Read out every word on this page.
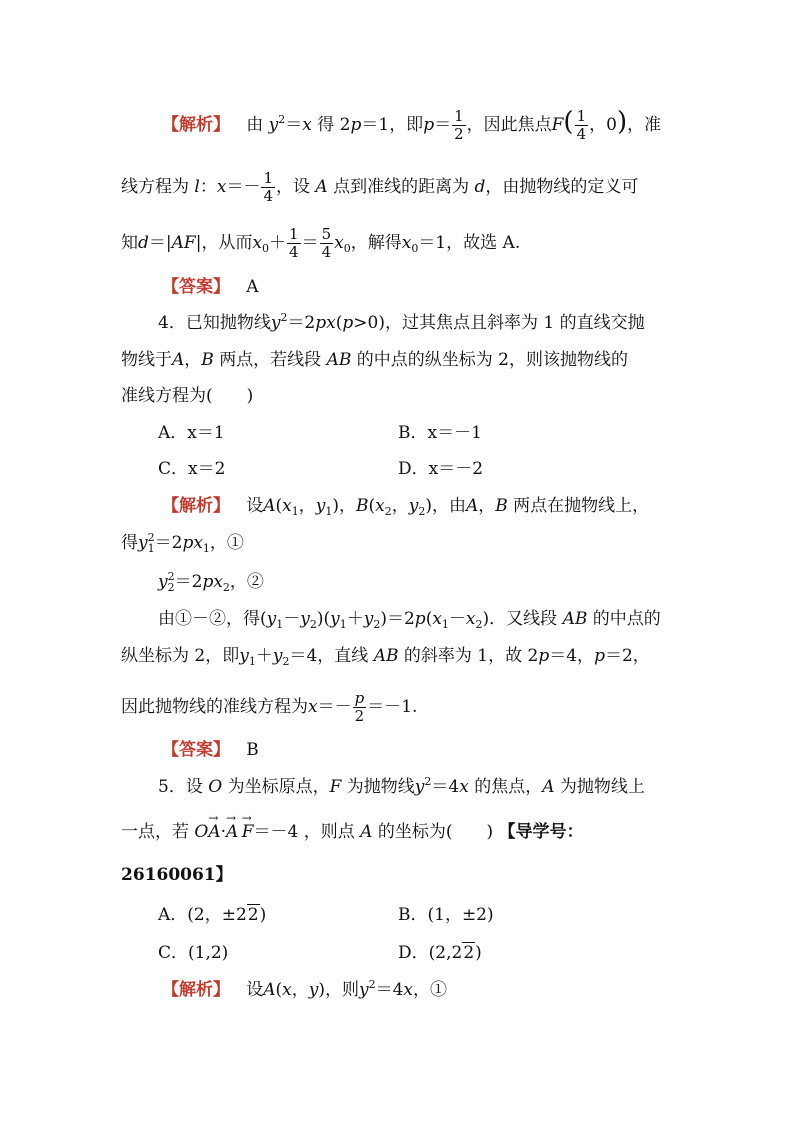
【解析】 由 $y^2=x$ 得 2p＝1，即$p= \frac{1}{2}$ ，因此焦点$F( \frac{1}{4}$ ，0)，准
线方程为 l：$x=- \frac{1}{4}$ ，设 A 点到准线的距离为 d，由抛物线的定义可
知d＝|AF|，从而$x_0+ \frac{1}{4} = \frac{5}{4} x_0$，解得$x_0=1$，故选 A.
【答案】 A
4．已知抛物线$y^2=2px(p>0)$，过其焦点且斜率为 1 的直线交抛
物线于A，B 两点，若线段 AB 的中点的纵坐标为 2，则该抛物线的
准线方程为(　　)
A．x＝1	B．x＝－1
C．x＝2	D．x＝－2
【解析】 设$A(x_1$，$y_1$)，$B(x_2$，$y_2$)，由A，B 两点在抛物线上，
得$y^2_1=2px_1$，①
$y^2_2=2px_2$，②
由①－②，得$(y_1-y_2)(y_1+y_2)=2p(x_1-x_2)$．又线段 AB 的中点的
纵坐标为 2，即$y_1+y_2=4$，直线 AB 的斜率为 1，故 2p＝4，p＝2，
因此抛物线的准线方程为$x=- \frac{p}{2} =-1$.
【答案】 B
5．设 O 为坐标原点，F 为抛物线$y^2=4x$ 的焦点，A 为抛物线上
一点，若 O→ A·→ A → F＝－4 ，则点 A 的坐标为(　　) 【导学号：
26160061】
A．(2，±22)	B．(1，±2)
C．(1,2)	D．(2,22)
【解析】 设A(x，y)，则$y^2=4x$，①
